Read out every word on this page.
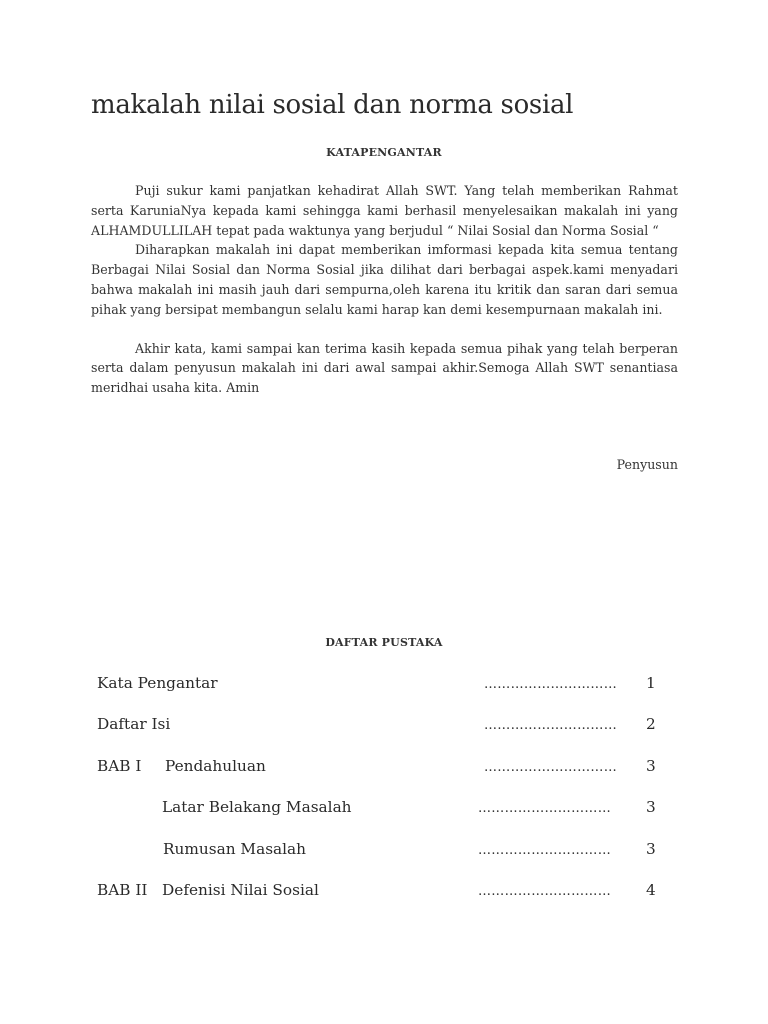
makalah nilai sosial dan norma sosial
KATAPENGANTAR

Puji sukur kami panjatkan kehadirat Allah SWT. Yang telah memberikan Rahmat serta KaruniaNya kepada kami sehingga kami berhasil menyelesaikan makalah ini yang ALHAMDULLILAH tepat pada waktunya yang berjudul “ Nilai Sosial dan Norma Sosial “

Diharapkan makalah ini dapat memberikan imformasi kepada kita semua tentang Berbagai Nilai Sosial dan Norma Sosial jika dilihat dari berbagai aspek.kami menyadari bahwa makalah ini masih jauh dari sempurna,oleh karena itu kritik dan saran dari semua pihak yang bersipat membangun selalu kami harap kan demi kesempurnaan makalah ini.

Akhir kata, kami sampai kan terima kasih kepada semua pihak yang telah berperan serta dalam penyusun makalah ini dari awal sampai akhir.Semoga Allah SWT senantiasa meridhai usaha kita. Amin

Penyusun
DAFTAR PUSTAKA
Kata Pengantar	…………………………	1
Daftar Isi	…………………………	2
BAB I Pendahuluan	…………………………	3
Latar Belakang Masalah	…………………………	3
Rumusan Masalah	…………………………	3
BAB II Defenisi Nilai Sosial	…………………………	4
